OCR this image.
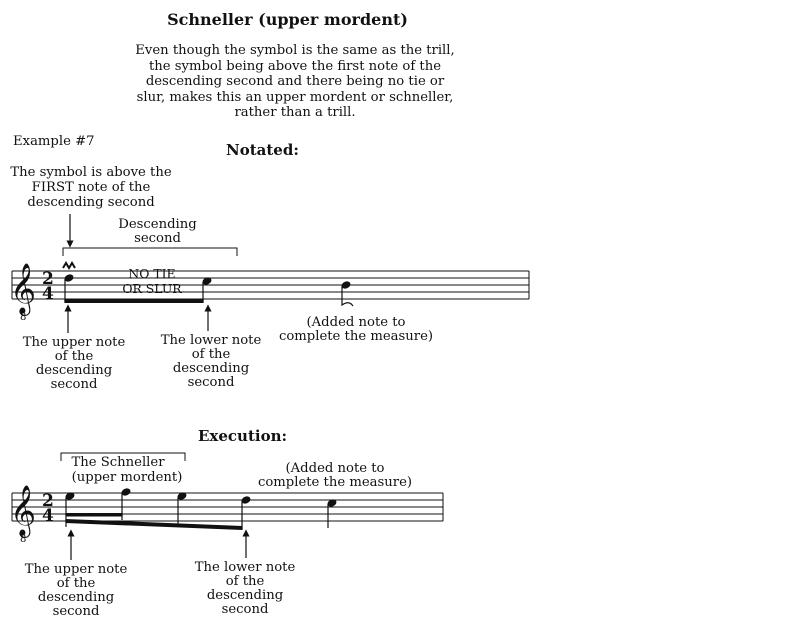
Schneller (upper mordent)
Even though the symbol is the same as the trill, the symbol being above the first note of the descending second and there being no tie or slur, makes this an upper mordent or schneller, rather than a trill.
Example #7	Notated:
The symbol is above the
FIRST note of the
descending second
Descending
second
NO TIE
OR SLUR
The upper note
of the
descending
second
The lower note
of the
descending
second
(Added note to
complete the measure)
Execution:
The Schneller
(upper mordent)
(Added note to
complete the measure)
The upper note
of the
descending
second
The lower note
of the
descending
second
𝄞
8
2
4
𝄞
8
2
4
